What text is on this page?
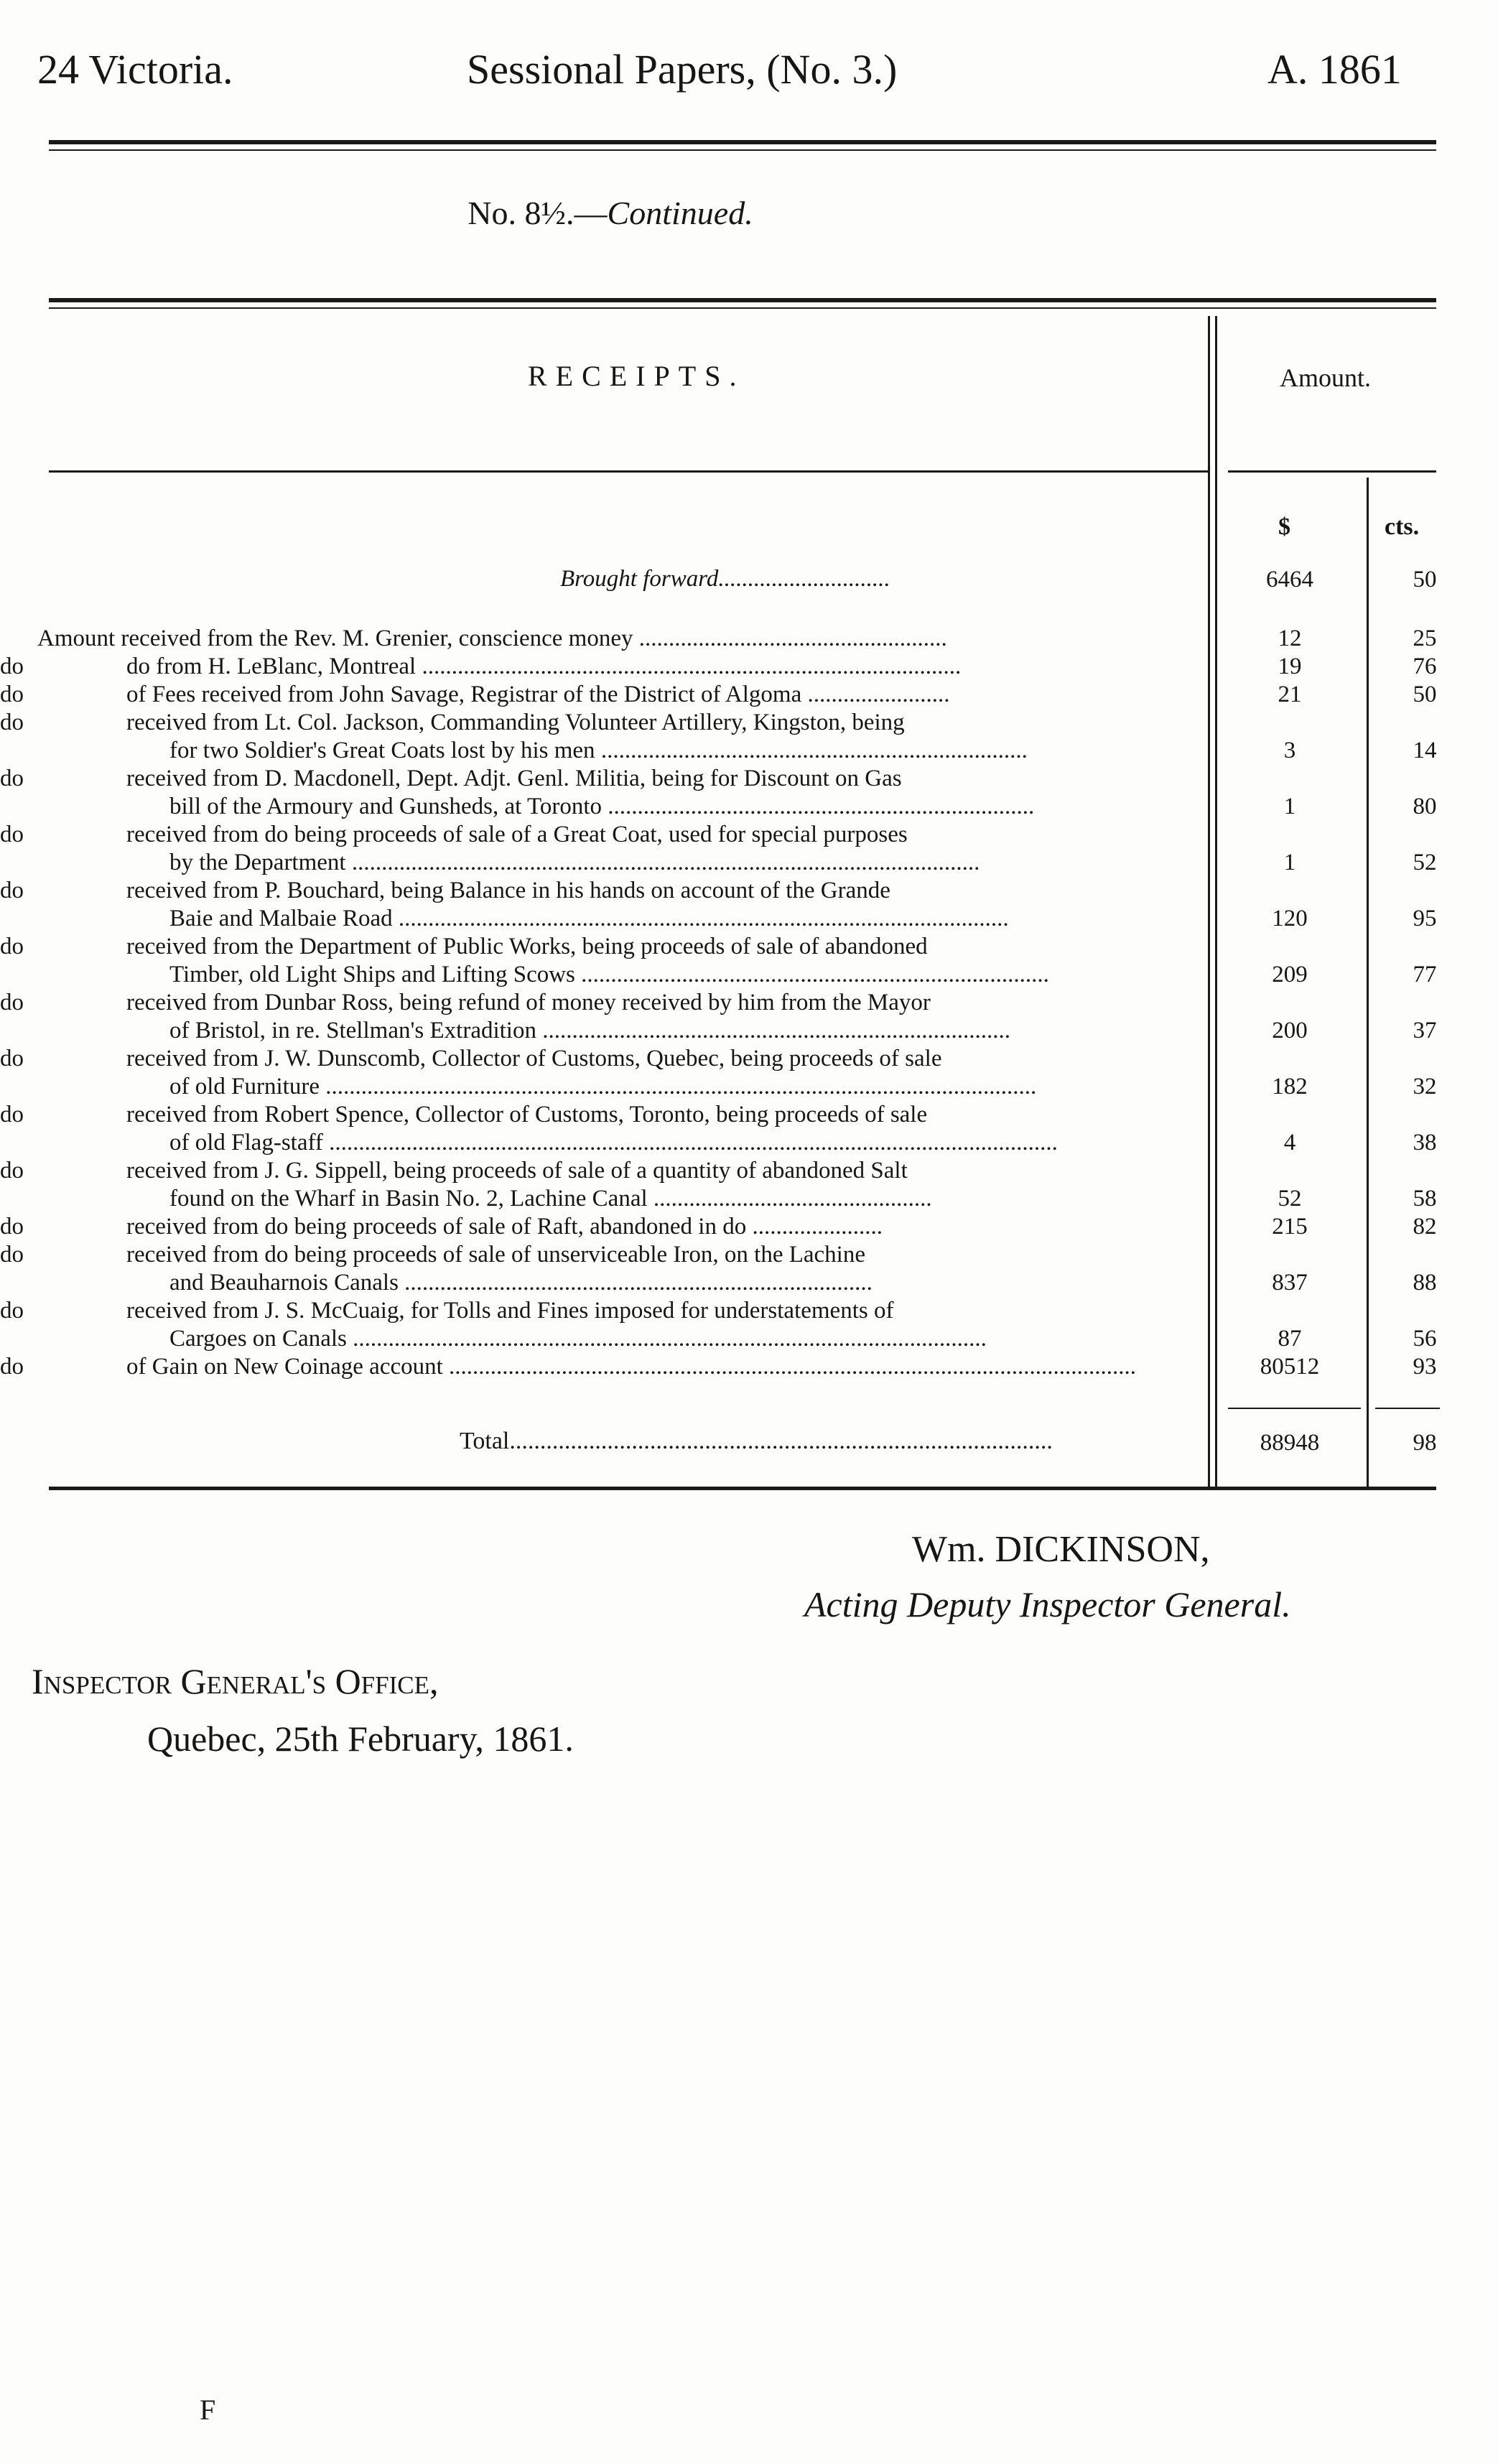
24 Victoria.	Sessional Papers, (No. 3.)	A. 1861
No. 8½.—Continued.
RECEIPTS.	Amount.
$	cts.
Brought forward.............................	6464	50
Amount received from the Rev. M. Grenier, conscience money ....................................................	12	25
do	do from H. LeBlanc, Montreal ...........................................................................................	19	76
do	of Fees received from John Savage, Registrar of the District of Algoma ........................	21	50
do	received from Lt. Col. Jackson, Commanding Volunteer Artillery, Kingston, being
for two Soldier's Great Coats lost by his men ........................................................................	3	14
do	received from D. Macdonell, Dept. Adjt. Genl. Militia, being for Discount on Gas
bill of the Armoury and Gunsheds, at Toronto ........................................................................	1	80
do	received from do being proceeds of sale of a Great Coat, used for special purposes
by the Department ..........................................................................................................	1	52
do	received from P. Bouchard, being Balance in his hands on account of the Grande
Baie and Malbaie Road .......................................................................................................	120	95
do	received from the Department of Public Works, being proceeds of sale of abandoned
Timber, old Light Ships and Lifting Scows ...............................................................................	209	77
do	received from Dunbar Ross, being refund of money received by him from the Mayor
of Bristol, in re. Stellman's Extradition ...............................................................................	200	37
do	received from J. W. Dunscomb, Collector of Customs, Quebec, being proceeds of sale
of old Furniture ........................................................................................................................	182	32
do	received from Robert Spence, Collector of Customs, Toronto, being proceeds of sale
of old Flag-staff ...........................................................................................................................	4	38
do	received from J. G. Sippell, being proceeds of sale of a quantity of abandoned Salt
found on the Wharf in Basin No. 2, Lachine Canal ...............................................	52	58
do	received from do being proceeds of sale of Raft, abandoned in do ......................	215	82
do	received from do being proceeds of sale of unserviceable Iron, on the Lachine
and Beauharnois Canals ...............................................................................	837	88
do	received from J. S. McCuaig, for Tolls and Fines imposed for understatements of
Cargoes on Canals ...........................................................................................................	87	56
do	of Gain on New Coinage account ....................................................................................................................	80512	93
Total.........................................................................................	88948	98
Wm. DICKINSON,
Acting Deputy Inspector General.
Inspector General's Office,
Quebec, 25th February, 1861.
F
